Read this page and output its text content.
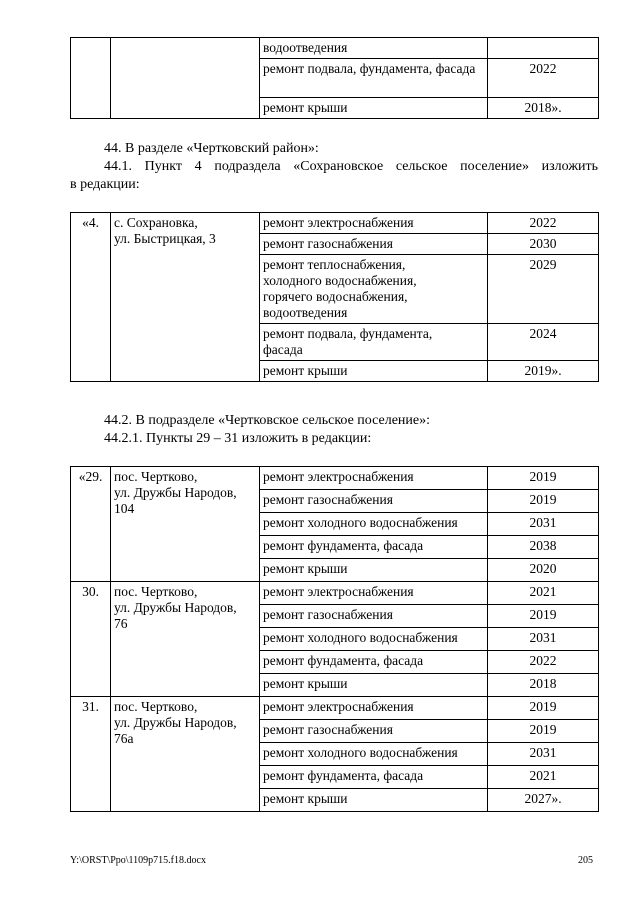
		водоотведения	
		ремонт подвала, фундамента, фасада	2022
		ремонт крыши	2018».
44. В разделе «Чертковский район»:
44.1. Пункт 4 подраздела «Сохрановское сельское поселение» изложить
в редакции:
«4.	с. Сохрановка,
ул. Быстрицкая, 3	ремонт электроснабжения	2022
		ремонт газоснабжения	2030
		ремонт теплоснабжения,
холодного водоснабжения,
горячего водоснабжения,
водоотведения	2029
		ремонт подвала, фундамента,
фасада	2024
		ремонт крыши	2019».
44.2. В подразделе «Чертковское сельское поселение»:
44.2.1. Пункты 29 – 31 изложить в редакции:
«29.	пос. Чертково,
ул. Дружбы Народов,
104	ремонт электроснабжения	2019
		ремонт газоснабжения	2019
		ремонт холодного водоснабжения	2031
		ремонт фундамента, фасада	2038
		ремонт крыши	2020
30.	пос. Чертково,
ул. Дружбы Народов,
76	ремонт электроснабжения	2021
		ремонт газоснабжения	2019
		ремонт холодного водоснабжения	2031
		ремонт фундамента, фасада	2022
		ремонт крыши	2018
31.	пос. Чертково,
ул. Дружбы Народов,
76а	ремонт электроснабжения	2019
		ремонт газоснабжения	2019
		ремонт холодного водоснабжения	2031
		ремонт фундамента, фасада	2021
		ремонт крыши	2027».
Y:\ORST\Ppo\1109p715.f18.docx	205
